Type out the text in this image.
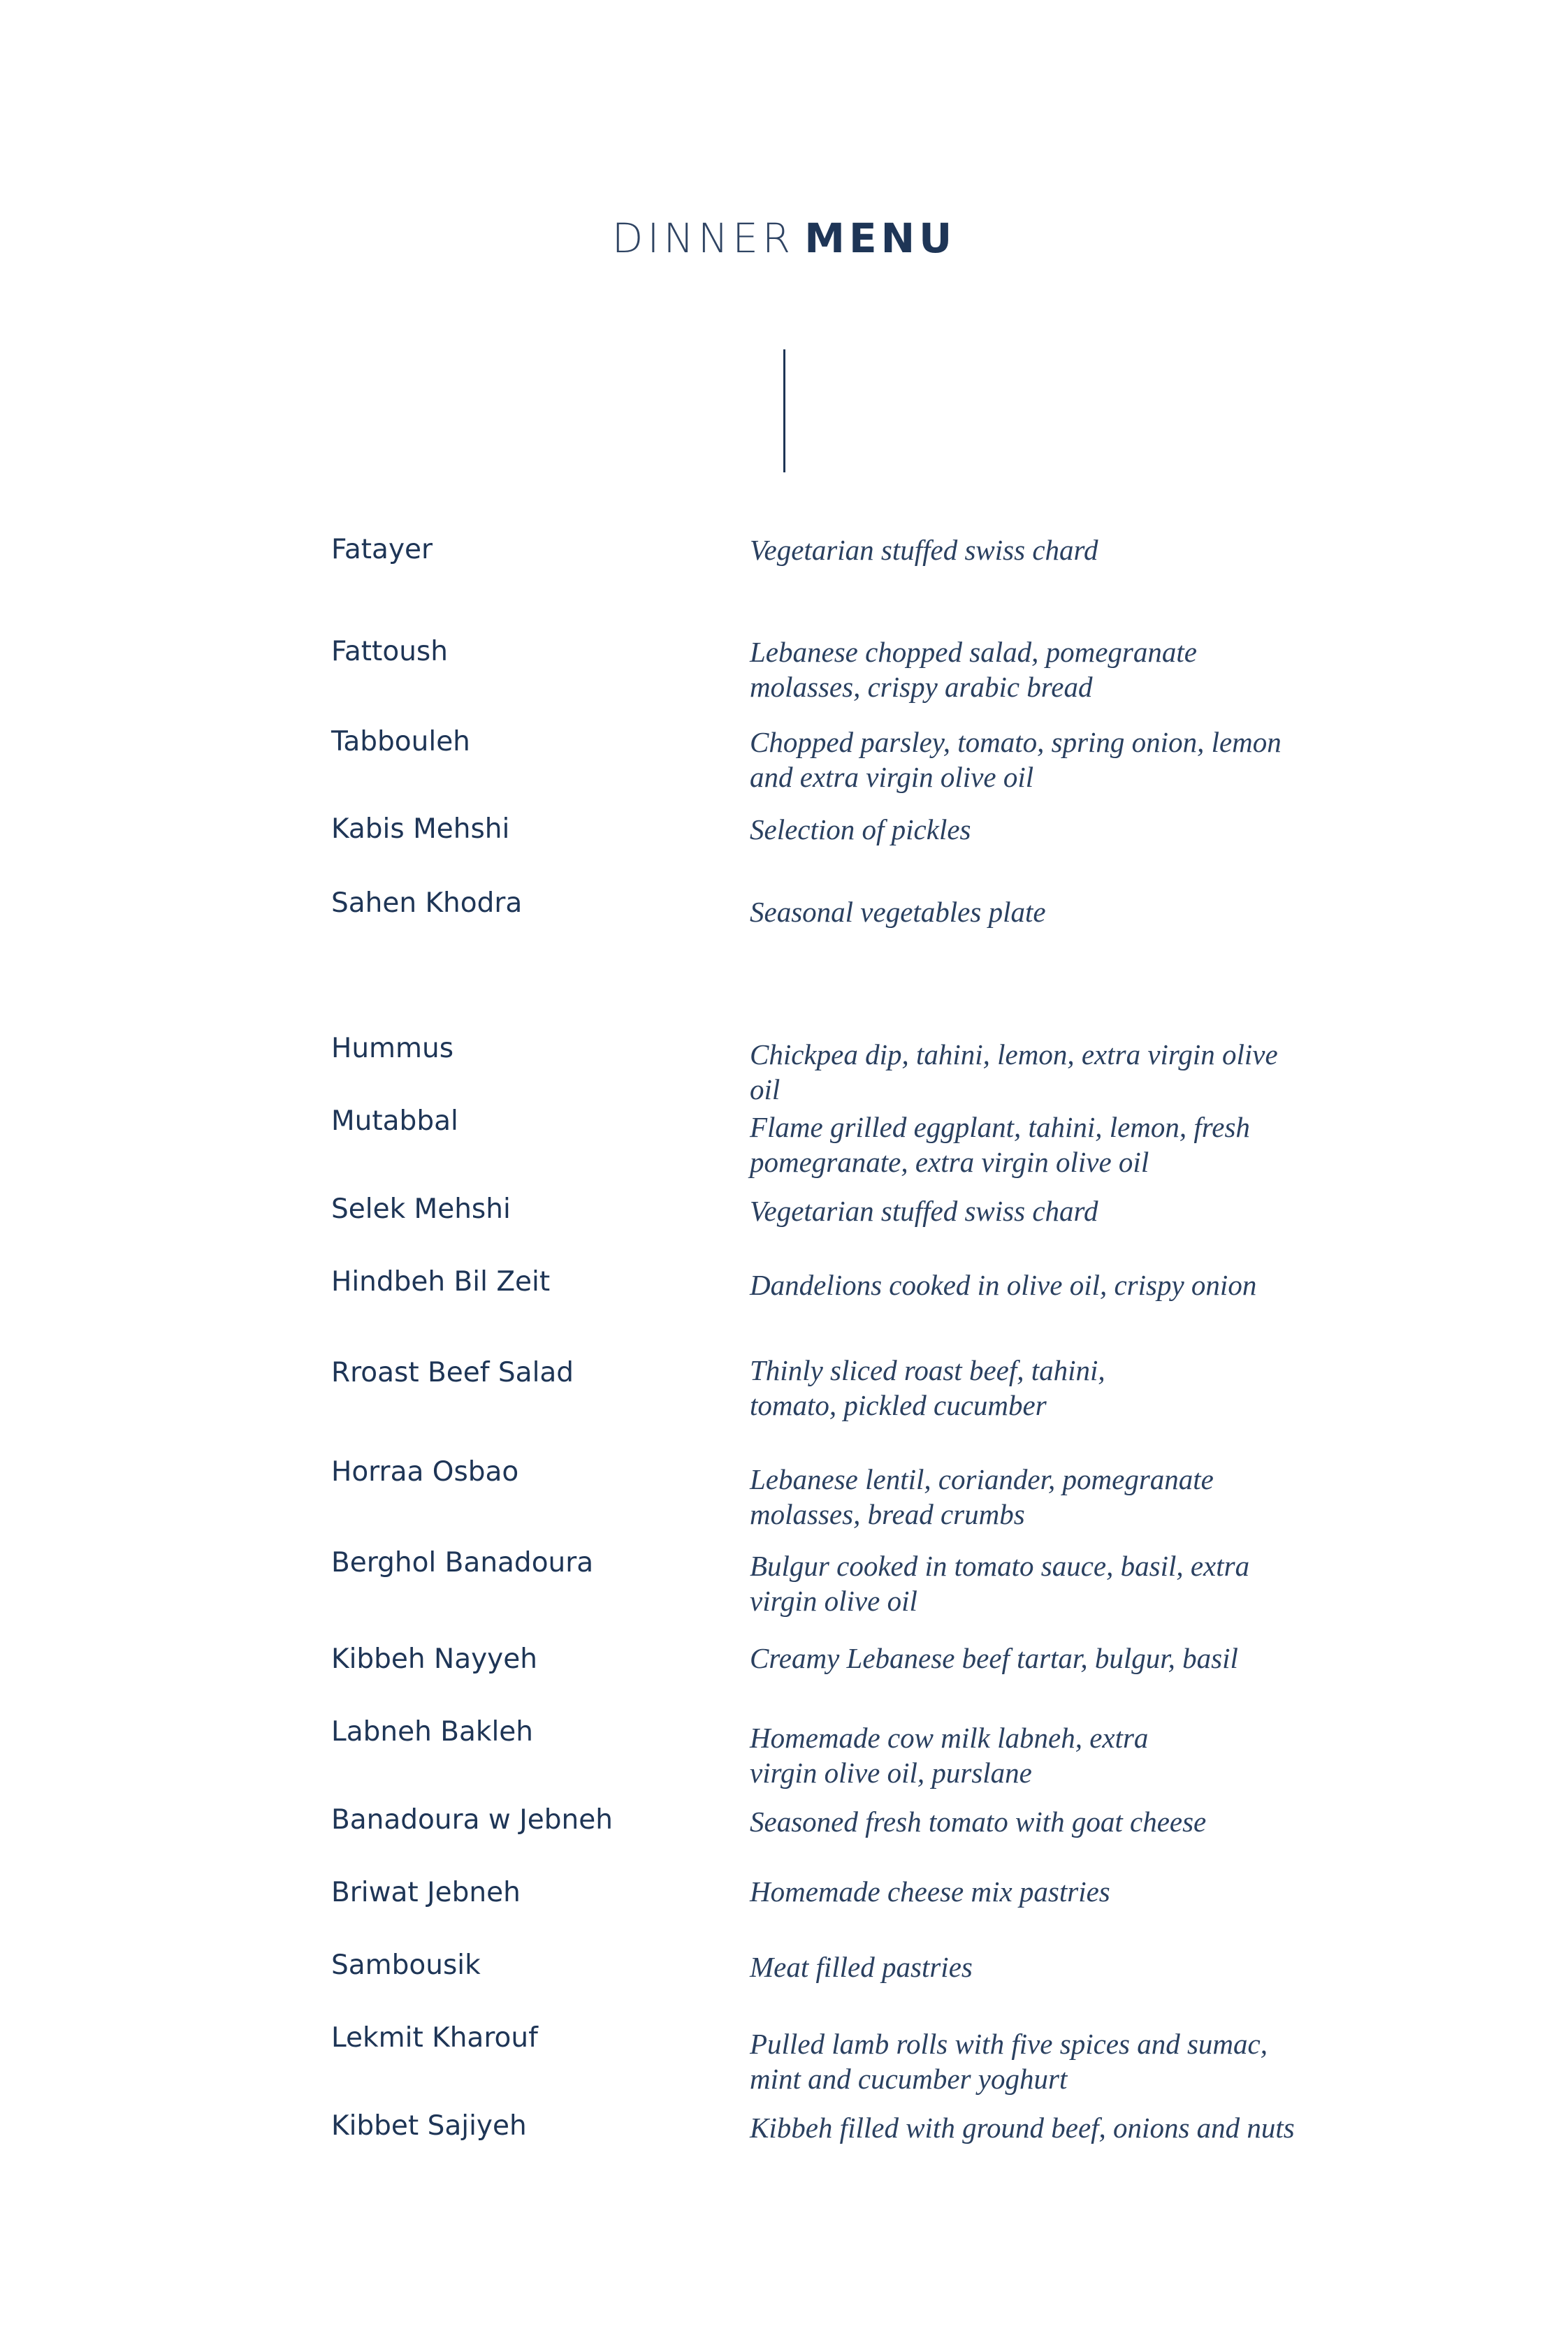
DINNER MENU
Fatayer	Vegetarian stuffed swiss chard
Fattoush	Lebanese chopped salad, pomegranate molasses, crispy arabic bread
Tabbouleh	Chopped parsley, tomato, spring onion, lemon and extra virgin olive oil
Kabis Mehshi	Selection of pickles
Sahen Khodra	Seasonal vegetables plate
Hummus	Chickpea dip, tahini, lemon, extra virgin olive oil
Mutabbal	Flame grilled eggplant, tahini, lemon, fresh pomegranate, extra virgin olive oil
Selek Mehshi	Vegetarian stuffed swiss chard
Hindbeh Bil Zeit	Dandelions cooked in olive oil, crispy onion
Rroast Beef Salad	Thinly sliced roast beef, tahini, tomato, pickled cucumber
Horraa Osbao	Lebanese lentil, coriander, pomegranate molasses, bread crumbs
Berghol Banadoura	Bulgur cooked in tomato sauce, basil, extra virgin olive oil
Kibbeh Nayyeh	Creamy Lebanese beef tartar, bulgur, basil
Labneh Bakleh	Homemade cow milk labneh, extra virgin olive oil, purslane
Banadoura w Jebneh	Seasoned fresh tomato with goat cheese
Briwat Jebneh	Homemade cheese mix pastries
Sambousik	Meat filled pastries
Lekmit Kharouf	Pulled lamb rolls with five spices and sumac, mint and cucumber yoghurt
Kibbet Sajiyeh	Kibbeh filled with ground beef, onions and nuts
